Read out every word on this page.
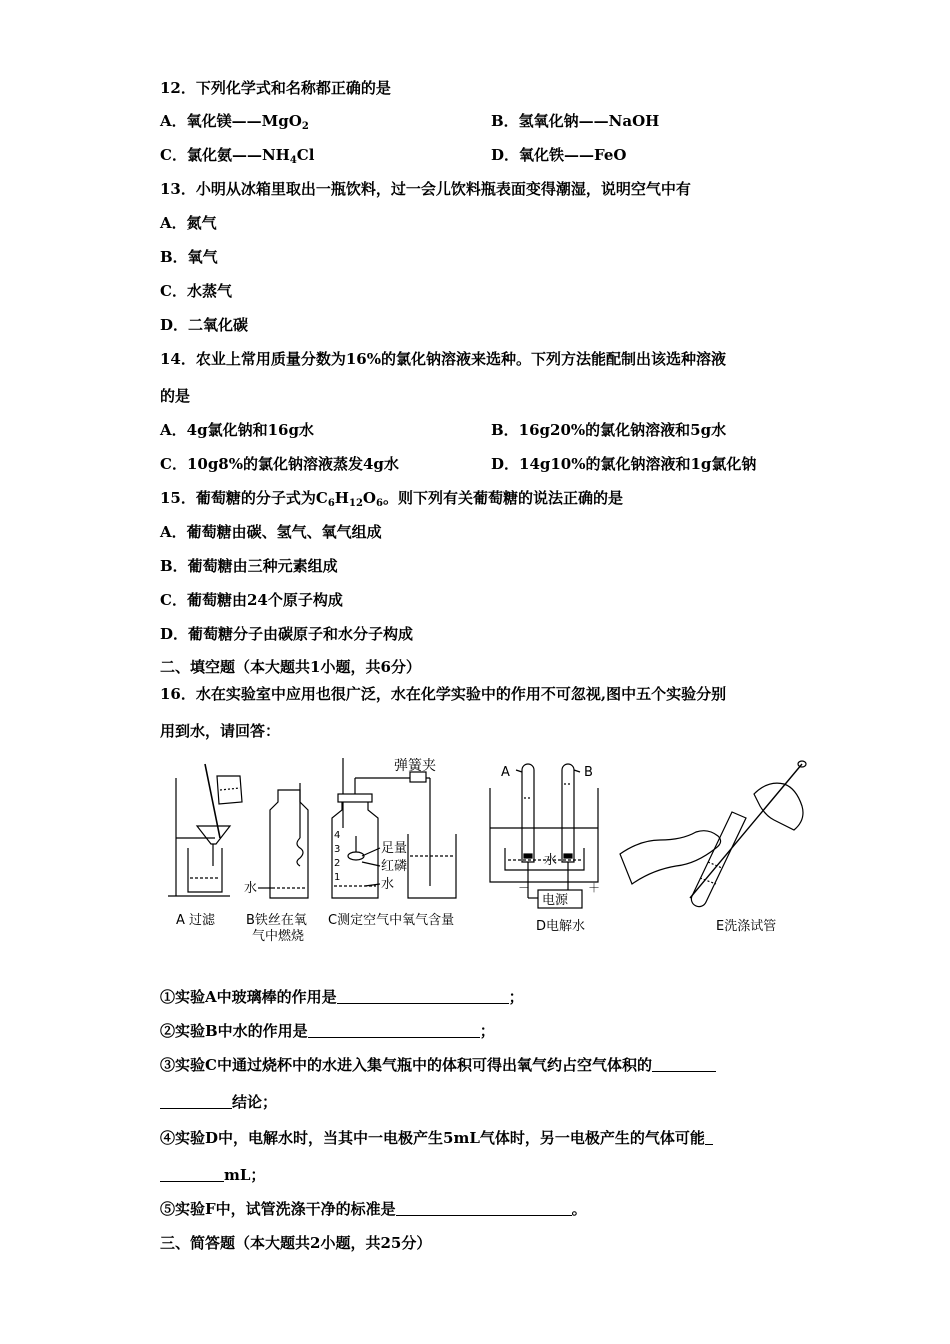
12．下列化学式和名称都正确的是
A．氧化镁——MgO$_2$	B．氢氧化钠——NaOH
C．氯化氨$——NH_4Cl$	D．氧化铁——FeO
13．小明从冰箱里取出一瓶饮料，过一会儿饮料瓶表面变得潮湿，说明空气中有
A．氮气
B．氧气
C．水蒸气
D．二氧化碳
14．农业上常用质量分数为16%的氯化钠溶液来选种。下列方法能配制出该选种溶液
的是
A．4g氯化钠和16g水	B．16g20%的氯化钠溶液和5g水
C．10g8%的氯化钠溶液蒸发4g水	D．14g10%的氯化钠溶液和1g氯化钠
15．葡萄糖的分子式为$C_6H_{12}O_6$。则下列有关葡萄糖的说法正确的是
A．葡萄糖由碳、氢气、氧气组成
B．葡萄糖由三种元素组成
C．葡萄糖由24个原子构成
D．葡萄糖分子由碳原子和水分子构成
二、填空题（本大题共1小题，共6分）
16．水在实验室中应用也很广泛，水在化学实验中的作用不可忽视,图中五个实验分别
用到水，请回答：
A 过滤
水
B铁丝在氧
气中燃烧
4
3
2
1
弹簧夹
足量
红磷
水
C测定空气中氧气含量
A	B
水
电源
－	＋
D电解水	E洗涤试管
①实验A中玻璃棒的作用是	；
②实验B中水的作用是	；
③实验C中通过烧杯中的水进入集气瓶中的体积可得出氧气约占空气体积的
结论；
④实验D中，电解水时，当其中一电极产生5mL气体时，另一电极产生的气体可能
mL；
⑤实验F中，试管洗涤干净的标准是	。
三、简答题（本大题共2小题，共25分）
